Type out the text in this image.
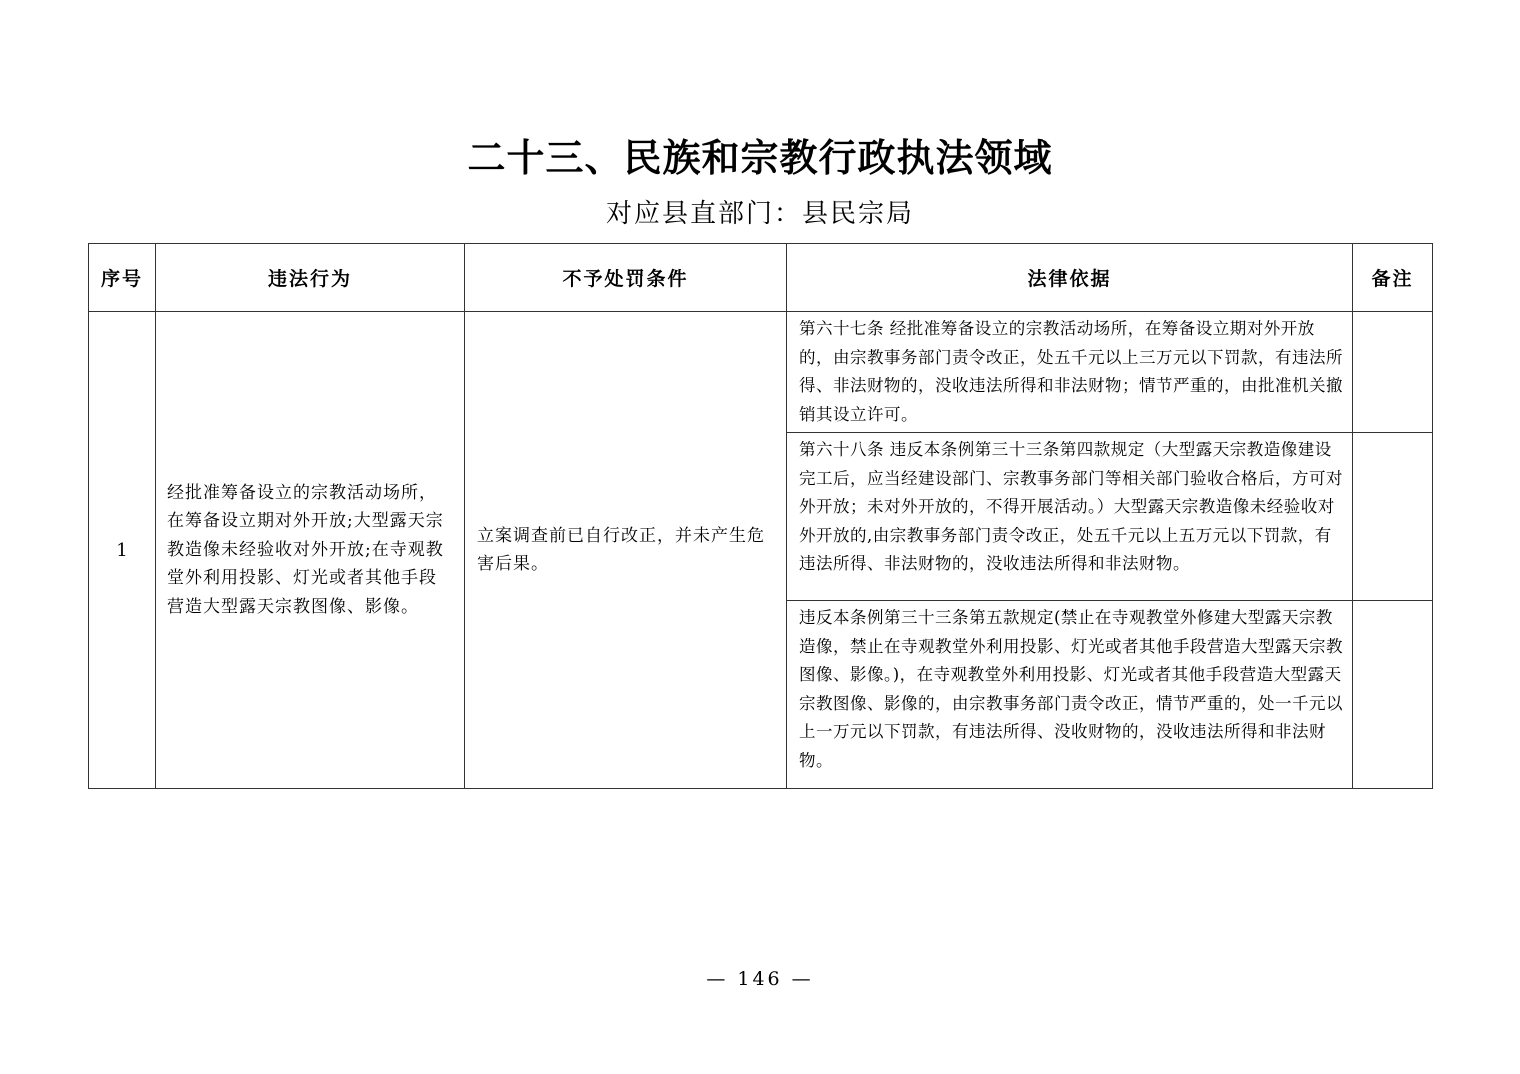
二十三、民族和宗教行政执法领域
对应县直部门：县民宗局
序号	违法行为	不予处罚条件	法律依据	备注
1	经批准筹备设立的宗教活动场所，在筹备设立期对外开放;大型露天宗教造像未经验收对外开放;在寺观教堂外利用投影、灯光或者其他手段营造大型露天宗教图像、影像。	立案调查前已自行改正，并未产生危害后果。	第六十七条 经批准筹备设立的宗教活动场所，在筹备设立期对外开放的，由宗教事务部门责令改正，处五千元以上三万元以下罚款，有违法所得、非法财物的，没收违法所得和非法财物；情节严重的，由批准机关撤销其设立许可。	

			第六十八条 违反本条例第三十三条第四款规定（大型露天宗教造像建设完工后，应当经建设部门、宗教事务部门等相关部门验收合格后，方可对外开放；未对外开放的，不得开展活动。）大型露天宗教造像未经验收对外开放的,由宗教事务部门责令改正，处五千元以上五万元以下罚款，有违法所得、非法财物的，没收违法所得和非法财物。	

			违反本条例第三十三条第五款规定(禁止在寺观教堂外修建大型露天宗教造像，禁止在寺观教堂外利用投影、灯光或者其他手段营造大型露天宗教图像、影像。)，在寺观教堂外利用投影、灯光或者其他手段营造大型露天宗教图像、影像的，由宗教事务部门责令改正，情节严重的，处一千元以上一万元以下罚款，有违法所得、没收财物的，没收违法所得和非法财物。	

— 146 —
